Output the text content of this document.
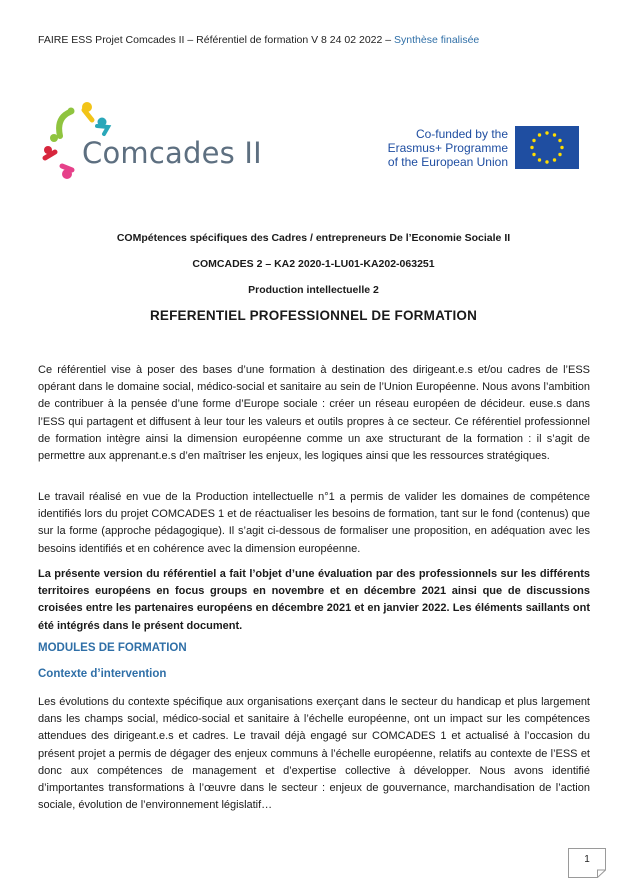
FAIRE ESS Projet Comcades II – Référentiel de formation V 8 24 02 2022 – Synthèse finalisée
Comcades II
Co-funded by the
Erasmus+ Programme
of the European Union
COMpétences spécifiques des Cadres / entrepreneurs De l’Economie Sociale II
COMCADES 2 – KA2 2020-1-LU01-KA202-063251
Production intellectuelle 2
REFERENTIEL PROFESSIONNEL DE FORMATION

Ce référentiel vise à poser des bases d’une formation à destination des dirigeant.e.s et/ou cadres de l’ESS opérant dans le domaine social, médico-social et sanitaire au sein de l’Union Européenne. Nous avons l’ambition de contribuer à la pensée d’une forme d’Europe sociale : créer un réseau européen de décideur. euse.s dans l’ESS qui partagent et diffusent à leur tour les valeurs et outils propres à ce secteur. Ce référentiel professionnel de formation intègre ainsi la dimension européenne comme un axe structurant de la formation : il s’agit de permettre aux apprenant.e.s d’en maîtriser les enjeux, les logiques ainsi que les ressources stratégiques.

Le travail réalisé en vue de la Production intellectuelle n°1 a permis de valider les domaines de compétence identifiés lors du projet COMCADES 1 et de réactualiser les besoins de formation, tant sur le fond (contenus) que sur la forme (approche pédagogique). Il s’agit ci-dessous de formaliser une proposition, en adéquation avec les besoins identifiés et en cohérence avec la dimension européenne.

La présente version du référentiel a fait l’objet d’une évaluation par des professionnels sur les différents territoires européens en focus groups en novembre et en décembre 2021 ainsi que de discussions croisées entre les partenaires européens en décembre 2021 et en janvier 2022. Les éléments saillants ont été intégrés dans le présent document.

MODULES DE FORMATION
Contexte d’intervention

Les évolutions du contexte spécifique aux organisations exerçant dans le secteur du handicap et plus largement dans les champs social, médico-social et sanitaire à l’échelle européenne, ont un impact sur les compétences attendues des dirigeant.e.s et cadres. Le travail déjà engagé sur COMCADES 1 et actualisé à l’occasion du présent projet a permis de dégager des enjeux communs à l’échelle européenne, relatifs au contexte de l’ESS et donc aux compétences de management et d’expertise collective à développer. Nous avons identifié d’importantes transformations à l’œuvre dans le secteur : enjeux de gouvernance, marchandisation de l’action sociale, évolution de l’environnement législatif…

1
